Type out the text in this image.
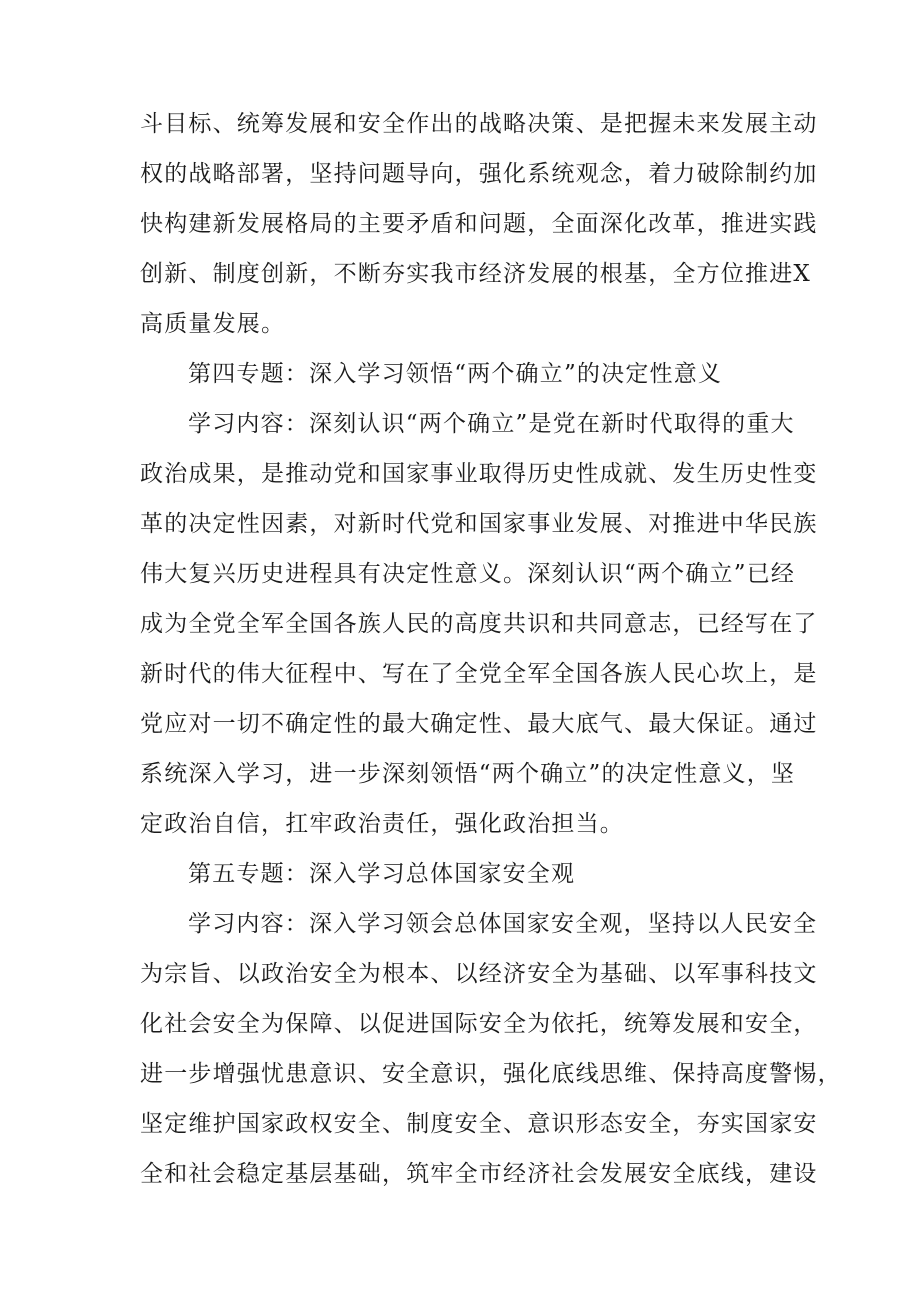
斗目标、统筹发展和安全作出的战略决策、是把握未来发展主动
权的战略部署，坚持问题导向，强化系统观念，着力破除制约加
快构建新发展格局的主要矛盾和问题，全面深化改革，推进实践
创新、制度创新，不断夯实我市经济发展的根基，全方位推进X
高质量发展。
第四专题：深入学习领悟“两个确立”的决定性意义
学习内容：深刻认识“两个确立”是党在新时代取得的重大
政治成果，是推动党和国家事业取得历史性成就、发生历史性变
革的决定性因素，对新时代党和国家事业发展、对推进中华民族
伟大复兴历史进程具有决定性意义。深刻认识“两个确立”已经
成为全党全军全国各族人民的高度共识和共同意志，已经写在了
新时代的伟大征程中、写在了全党全军全国各族人民心坎上，是
党应对一切不确定性的最大确定性、最大底气、最大保证。通过
系统深入学习，进一步深刻领悟“两个确立”的决定性意义，坚
定政治自信，扛牢政治责任，强化政治担当。
第五专题：深入学习总体国家安全观
学习内容：深入学习领会总体国家安全观，坚持以人民安全
为宗旨、以政治安全为根本、以经济安全为基础、以军事科技文
化社会安全为保障、以促进国际安全为依托，统筹发展和安全，
进一步增强忧患意识、安全意识，强化底线思维、保持高度警惕，
坚定维护国家政权安全、制度安全、意识形态安全，夯实国家安
全和社会稳定基层基础，筑牢全市经济社会发展安全底线，建设
